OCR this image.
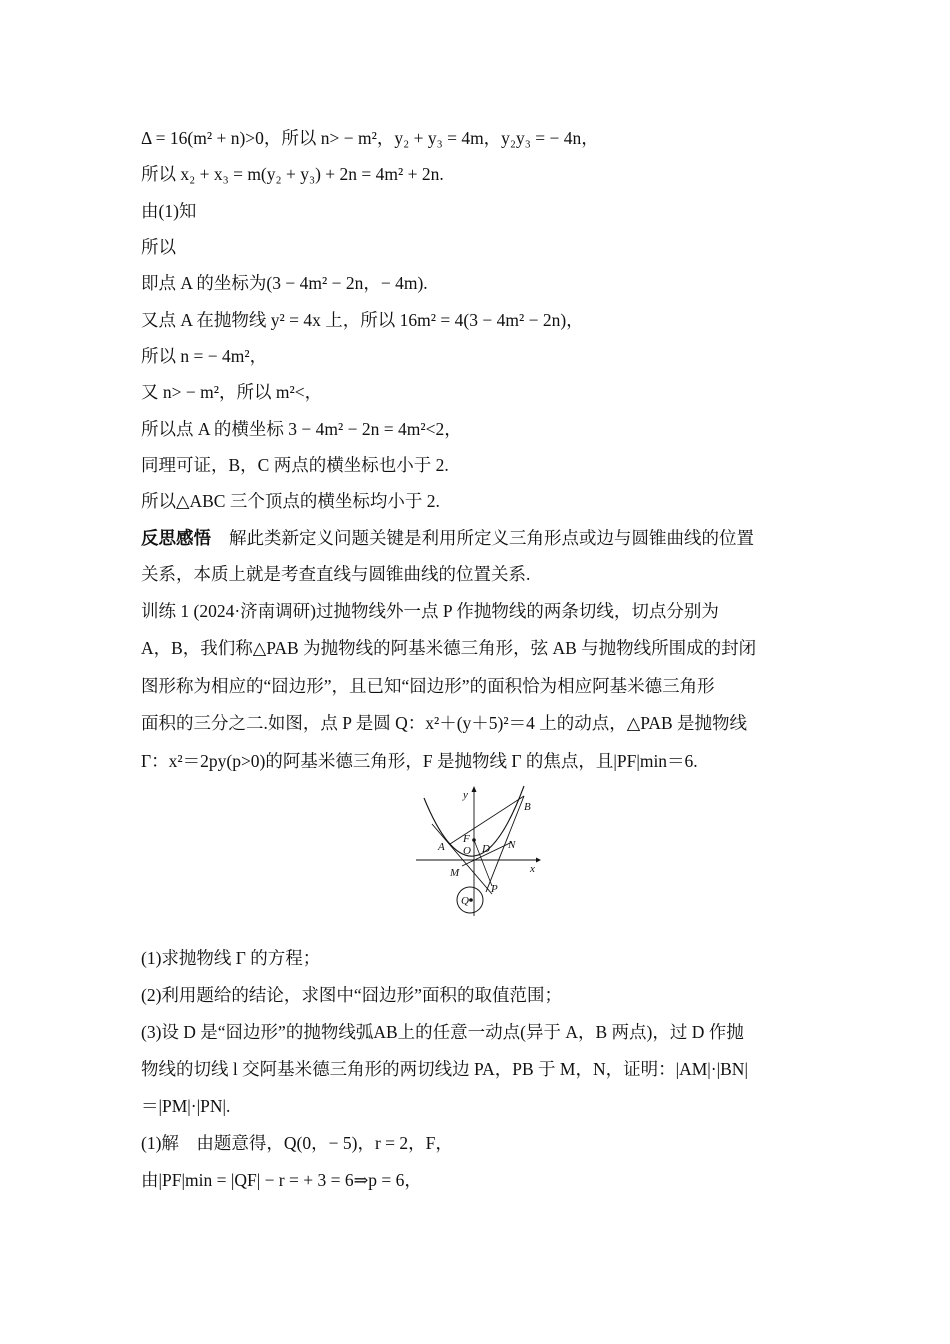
Δ = 16(m² + n)>0，所以 n> − m²，y₂ + y₃ = 4m，y₂y₃ = − 4n，
所以 x₂ + x₃ = m(y₂ + y₃) + 2n = 4m² + 2n.
由(1)知
所以
即点 A 的坐标为(3 − 4m² − 2n，− 4m).
又点 A 在抛物线 y² = 4x 上，所以 16m² = 4(3 − 4m² − 2n)，
所以 n = − 4m²，
又 n> − m²，所以 m²<，
所以点 A 的横坐标 3 − 4m² − 2n = 4m²<2，
同理可证，B，C 两点的横坐标也小于 2.
所以△ABC 三个顶点的横坐标均小于 2.
反思感悟 解此类新定义问题关键是利用所定义三角形点或边与圆锥曲线的位置
关系，本质上就是考查直线与圆锥曲线的位置关系.
训练 1 (2024·济南调研)过抛物线外一点 P 作抛物线的两条切线，切点分别为
A，B，我们称△PAB 为抛物线的阿基米德三角形，弦 AB 与抛物线所围成的封闭
图形称为相应的“囧边形”，且已知“囧边形”的面积恰为相应阿基米德三角形
面积的三分之二.如图，点 P 是圆 Q：x²＋(y＋5)²＝4 上的动点，△PAB 是抛物线
Γ：x²＝2py(p>0)的阿基米德三角形，F 是抛物线 Γ 的焦点，且|PF|min＝6.
y
B
F
A O D N
M	x
P
Q
(1)求抛物线 Γ 的方程；
(2)利用题给的结论，求图中“囧边形”面积的取值范围；
(3)设 D 是“囧边形”的抛物线弧AB上的任意一动点(异于 A，B 两点)，过 D 作抛
物线的切线 l 交阿基米德三角形的两切线边 PA，PB 于 M，N，证明：|AM|·|BN|
＝|PM|·|PN|.
(1)解　由题意得，Q(0，− 5)，r = 2，F，
由|PF|min = |QF| − r = + 3 = 6⇒p = 6，
